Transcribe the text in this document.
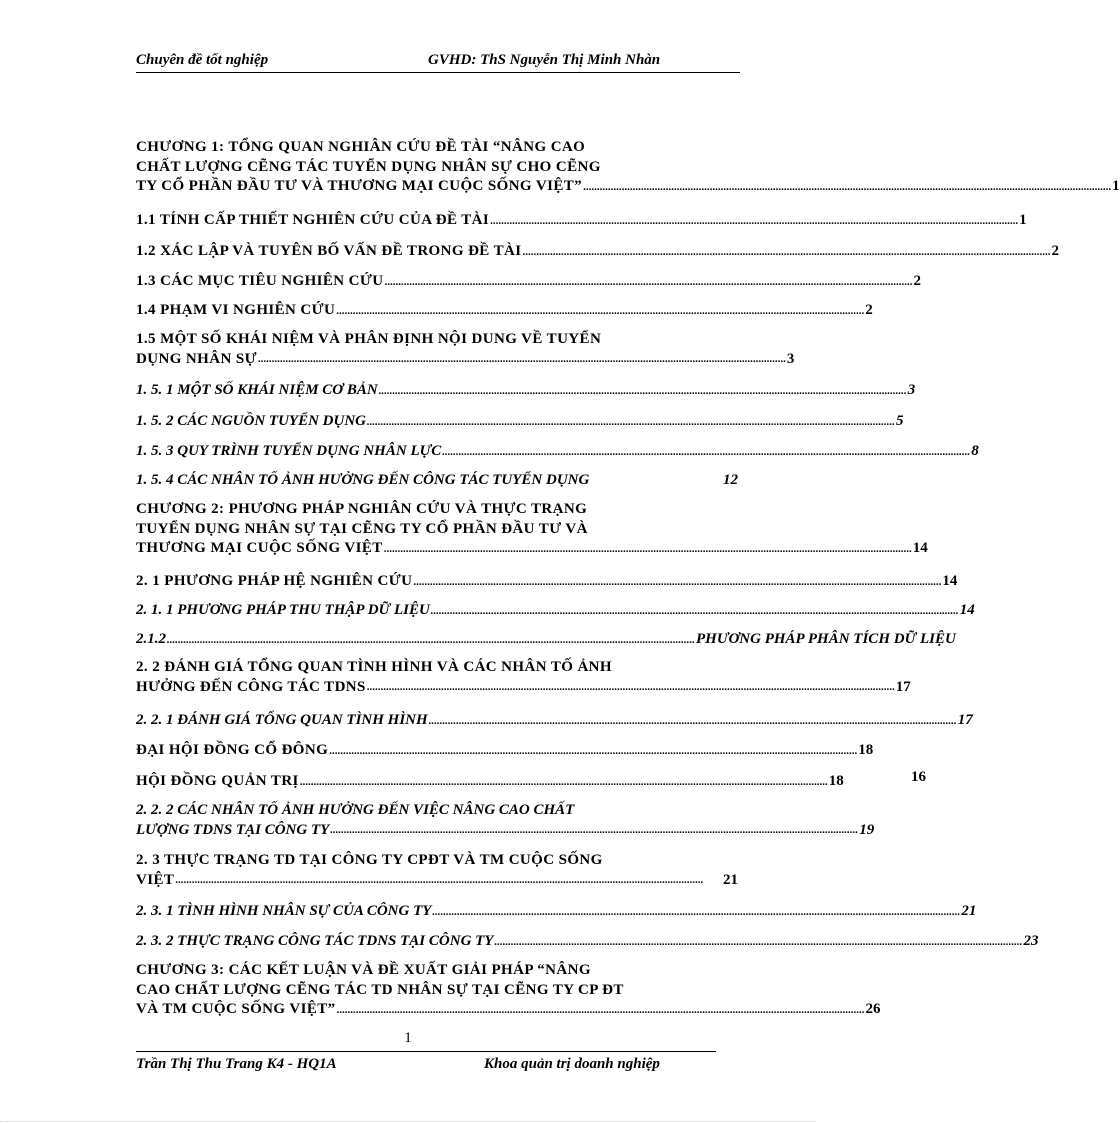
Chuyên đề tốt nghiệp	GVHD: ThS Nguyễn Thị Minh Nhàn
CHƯƠNG 1: TỔNG QUAN NGHIÂN CỨU ĐỀ TÀI “NÂNG CAO
CHẤT LƯỢNG CẼNG TÁC TUYỂN DỤNG NHÂN SỰ CHO CẼNG
TY CỔ PHẦN ĐẦU TƯ VÀ THƯƠNG MẠI CUỘC SỐNG VIỆT” .....	1
1.1 TÍNH CẤP THIẾT NGHIÊN CỨU CỦA ĐỀ TÀI .....	1
1.2 XÁC LẬP VÀ TUYÊN BỐ VẤN ĐỀ TRONG ĐỀ TÀI .....	2
1.3 CÁC MỤC TIÊU NGHIÊN CỨU .....	2
1.4 PHẠM VI NGHIÊN CỨU .....	2
1.5 MỘT SỐ KHÁI NIỆM VÀ PHÂN ĐỊNH NỘI DUNG VỀ TUYỂN
DỤNG NHÂN SỰ .....	3
1. 5. 1 MỘT SỐ KHÁI NIỆM CƠ BẢN .....	3
1. 5. 2 CÁC NGUỒN TUYỂN DỤNG .....	5
1. 5. 3 QUY TRÌNH TUYỂN DỤNG NHÂN LỰC .....	8
1. 5. 4 CÁC NHÂN TỐ ẢNH HƯỞNG ĐẾN CÔNG TÁC TUYỂN DỤNG	12
CHƯƠNG 2: PHƯƠNG PHÁP NGHIÂN CỨU VÀ THỰC TRẠNG
TUYỂN DỤNG NHÂN SỰ TẠI CẼNG TY CỔ PHẦN ĐẦU TƯ VÀ
THƯƠNG MẠI CUỘC SỐNG VIỆT .....	14
2. 1 PHƯƠNG PHÁP HỆ NGHIÊN CỨU .....	14
2. 1. 1 PHƯƠNG PHÁP THU THẬP DỮ LIỆU .....	14
2.1.2 .....	PHƯƠNG PHÁP PHÂN TÍCH DỮ LIỆU
16
2. 2 ĐÁNH GIÁ TỔNG QUAN TÌNH HÌNH VÀ CÁC NHÂN TỐ ẢNH
HƯỞNG ĐẾN CÔNG TÁC TDNS .....	17
2. 2. 1 ĐÁNH GIÁ TỔNG QUAN TÌNH HÌNH .....	17
ĐẠI HỘI ĐỒNG CỔ ĐÔNG .....	18
HỘI ĐỒNG QUẢN TRỊ .....	18
2. 2. 2 CÁC NHÂN TỐ ẢNH HƯỞNG ĐẾN VIỆC NÂNG CAO CHẤT
LƯỢNG TDNS TẠI CÔNG TY .....	19
2. 3 THỰC TRẠNG TD TẠI CÔNG TY CPĐT VÀ TM CUỘC SỐNG
VIỆT .....	21
2. 3. 1 TÌNH HÌNH NHÂN SỰ CỦA CÔNG TY .....	21
2. 3. 2 THỰC TRẠNG CÔNG TÁC TDNS TẠI CÔNG TY .....	23
CHƯƠNG 3: CÁC KẾT LUẬN VÀ ĐỀ XUẤT GIẢI PHÁP “NÂNG
CAO CHẤT LƯỢNG CẼNG TÁC TD NHÂN SỰ TẠI CẼNG TY CP ĐT
VÀ TM CUỘC SỐNG VIỆT” .....	26
1
Trần Thị Thu Trang K4 - HQ1A	Khoa quản trị doanh nghiệp
